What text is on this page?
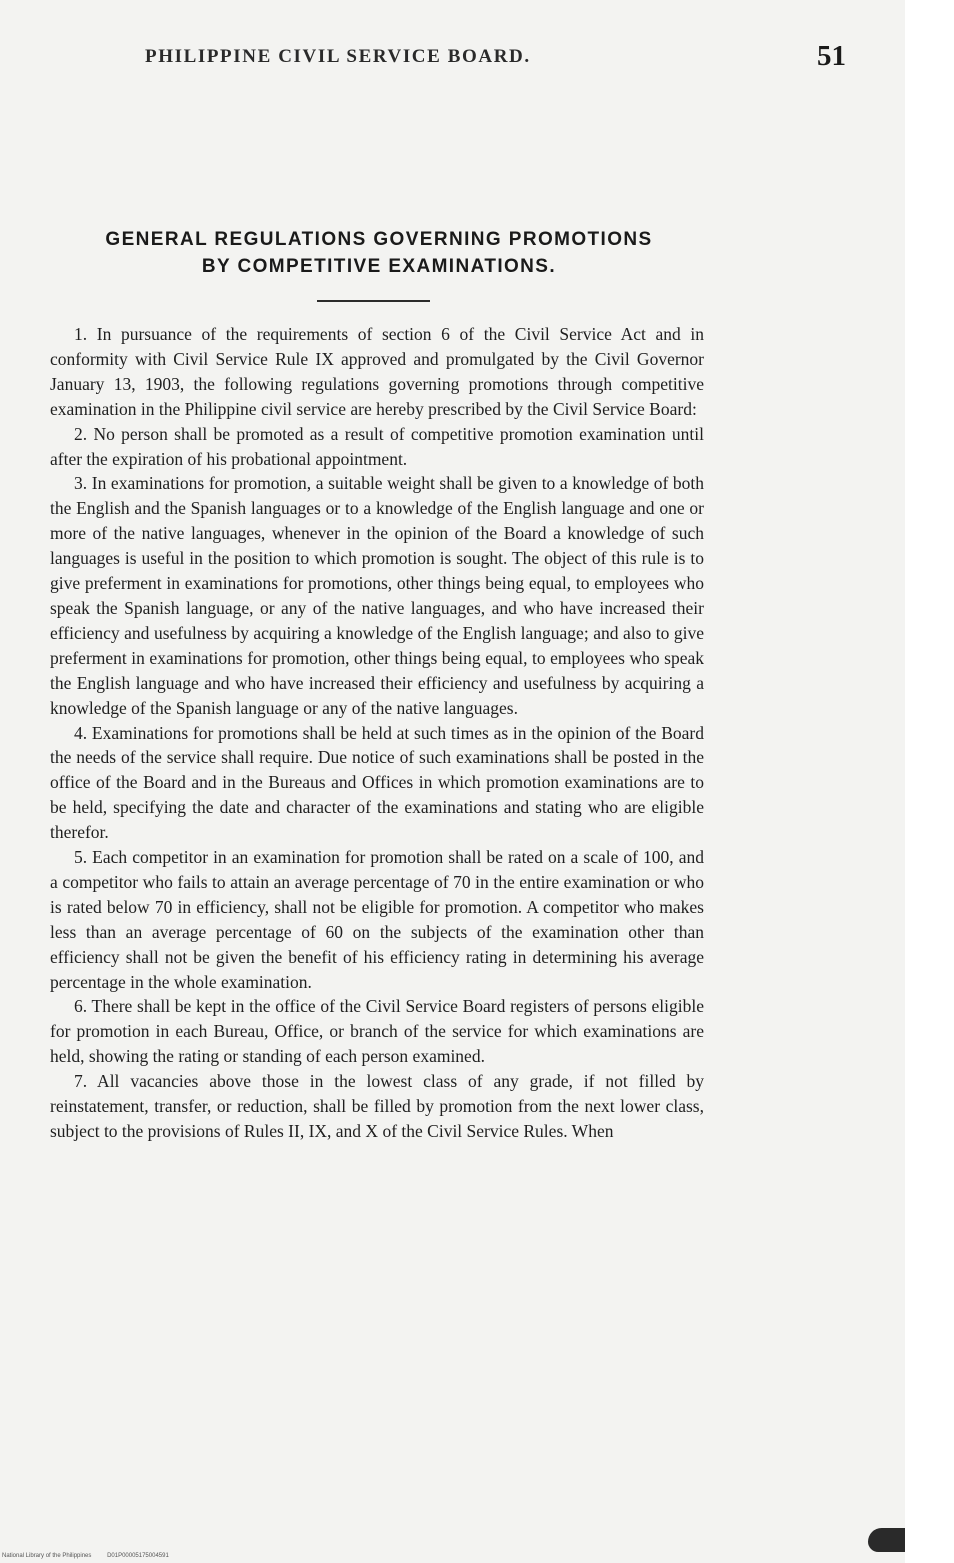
PHILIPPINE CIVIL SERVICE BOARD.	51
GENERAL REGULATIONS GOVERNING PROMOTIONS
BY COMPETITIVE EXAMINATIONS.

1. In pursuance of the requirements of section 6 of the Civil Service Act and in conformity with Civil Service Rule IX approved and promulgated by the Civil Governor January 13, 1903, the following regulations governing promotions through competitive examination in the Philippine civil service are hereby prescribed by the Civil Service Board:

2. No person shall be promoted as a result of competitive promotion examination until after the expiration of his probational appointment.

3. In examinations for promotion, a suitable weight shall be given to a knowledge of both the English and the Spanish languages or to a knowledge of the English language and one or more of the native languages, whenever in the opinion of the Board a knowledge of such languages is useful in the position to which promotion is sought. The object of this rule is to give preferment in examinations for promotions, other things being equal, to employees who speak the Spanish language, or any of the native languages, and who have increased their efficiency and usefulness by acquiring a knowledge of the English language; and also to give preferment in examinations for promotion, other things being equal, to employees who speak the English language and who have increased their efficiency and usefulness by acquiring a knowledge of the Spanish language or any of the native languages.

4. Examinations for promotions shall be held at such times as in the opinion of the Board the needs of the service shall require. Due notice of such examinations shall be posted in the office of the Board and in the Bureaus and Offices in which promotion examinations are to be held, specifying the date and character of the examinations and stating who are eligible therefor.

5. Each competitor in an examination for promotion shall be rated on a scale of 100, and a competitor who fails to attain an average percentage of 70 in the entire examination or who is rated below 70 in efficiency, shall not be eligible for promotion. A competitor who makes less than an average percentage of 60 on the subjects of the examination other than efficiency shall not be given the benefit of his efficiency rating in determining his average percentage in the whole examination.

6. There shall be kept in the office of the Civil Service Board registers of persons eligible for promotion in each Bureau, Office, or branch of the service for which examinations are held, showing the rating or standing of each person examined.

7. All vacancies above those in the lowest class of any grade, if not filled by reinstatement, transfer, or reduction, shall be filled by promotion from the next lower class, subject to the provisions of Rules II, IX, and X of the Civil Service Rules. When

National Library of the Philippines	D01P00005175004591
